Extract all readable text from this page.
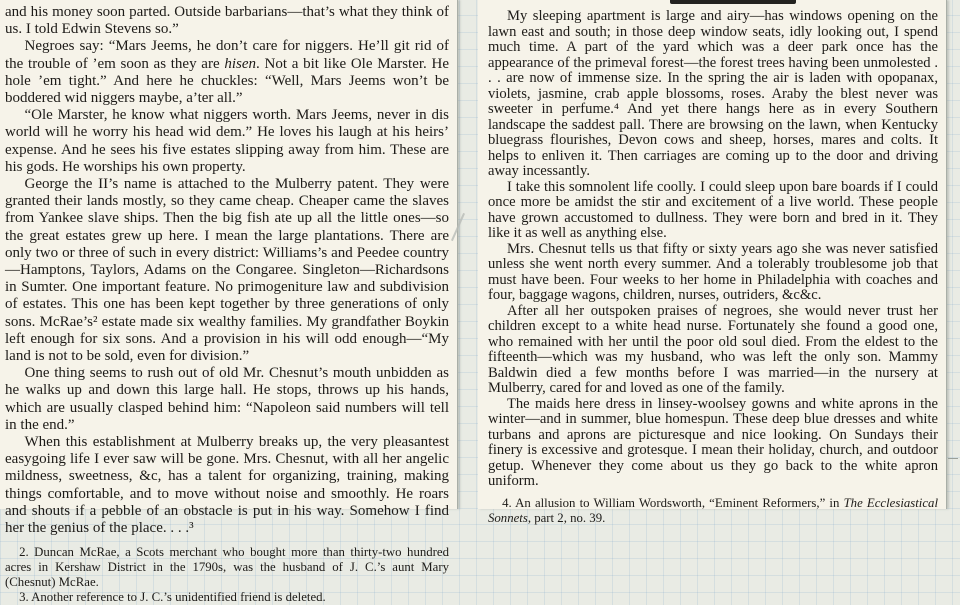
and his money soon parted. Outside barbarians—that’s what they think of us. I told Edwin Stevens so.”

Negroes say: “Mars Jeems, he don’t care for niggers. He’ll git rid of the trouble of ’em soon as they are hisen. Not a bit like Ole Marster. He hole ’em tight.” And here he chuckles: “Well, Mars Jeems won’t be boddered wid niggers maybe, a’ter all.”

“Ole Marster, he know what niggers worth. Mars Jeems, never in dis world will he worry his head wid dem.” He loves his laugh at his heirs’ expense. And he sees his five estates slipping away from him. These are his gods. He worships his own property.

George the II’s name is attached to the Mulberry patent. They were granted their lands mostly, so they came cheap. Cheaper came the slaves from Yankee slave ships. Then the big fish ate up all the little ones—so the great estates grew up here. I mean the large plantations. There are only two or three of such in every district: Williams’s and Peedee country—Hamptons, Taylors, Adams on the Congaree. Singleton—Richardsons in Sumter. One important feature. No primogeniture law and subdivision of estates. This one has been kept together by three generations of only sons. McRae’s² estate made six wealthy families. My grandfather Boykin left enough for six sons. And a provision in his will odd enough—“My land is not to be sold, even for division.”

One thing seems to rush out of old Mr. Chesnut’s mouth unbidden as he walks up and down this large hall. He stops, throws up his hands, which are usually clasped behind him: “Napoleon said numbers will tell in the end.”

When this establishment at Mulberry breaks up, the very pleasantest easygoing life I ever saw will be gone. Mrs. Chesnut, with all her angelic mildness, sweetness, &c, has a talent for organizing, training, making things comfortable, and to move without noise and smoothly. He roars and shouts if a pebble of an obstacle is put in his way. Somehow I find her the genius of the place. . . .³

2. Duncan McRae, a Scots merchant who bought more than thirty-two hundred acres in Kershaw District in the 1790s, was the husband of J. C.’s aunt Mary (Chesnut) McRae.

3. Another reference to J. C.’s unidentified friend is deleted.

My sleeping apartment is large and airy—has windows opening on the lawn east and south; in those deep window seats, idly looking out, I spend much time. A part of the yard which was a deer park once has the appearance of the primeval forest—the forest trees having been unmolested . . . are now of immense size. In the spring the air is laden with opopanax, violets, jasmine, crab apple blossoms, roses. Araby the blest never was sweeter in perfume.⁴ And yet there hangs here as in every Southern landscape the saddest pall. There are browsing on the lawn, when Kentucky bluegrass flourishes, Devon cows and sheep, horses, mares and colts. It helps to enliven it. Then carriages are coming up to the door and driving away incessantly.

I take this somnolent life coolly. I could sleep upon bare boards if I could once more be amidst the stir and excitement of a live world. These people have grown accustomed to dullness. They were born and bred in it. They like it as well as anything else.

Mrs. Chesnut tells us that fifty or sixty years ago she was never satisfied unless she went north every summer. And a tolerably troublesome job that must have been. Four weeks to her home in Philadelphia with coaches and four, baggage wagons, children, nurses, outriders, &c&c.

After all her outspoken praises of negroes, she would never trust her children except to a white head nurse. Fortunately she found a good one, who remained with her until the poor old soul died. From the eldest to the fifteenth—which was my husband, who was left the only son. Mammy Baldwin died a few months before I was married—in the nursery at Mulberry, cared for and loved as one of the family.

The maids here dress in linsey-woolsey gowns and white aprons in the winter—and in summer, blue homespun. These deep blue dresses and white turbans and aprons are picturesque and nice looking. On Sundays their finery is excessive and grotesque. I mean their holiday, church, and outdoor getup. Whenever they come about us they go back to the white apron uniform.

4. An allusion to William Wordsworth, “Eminent Reformers,” in The Ecclesiastical Sonnets, part 2, no. 39.
